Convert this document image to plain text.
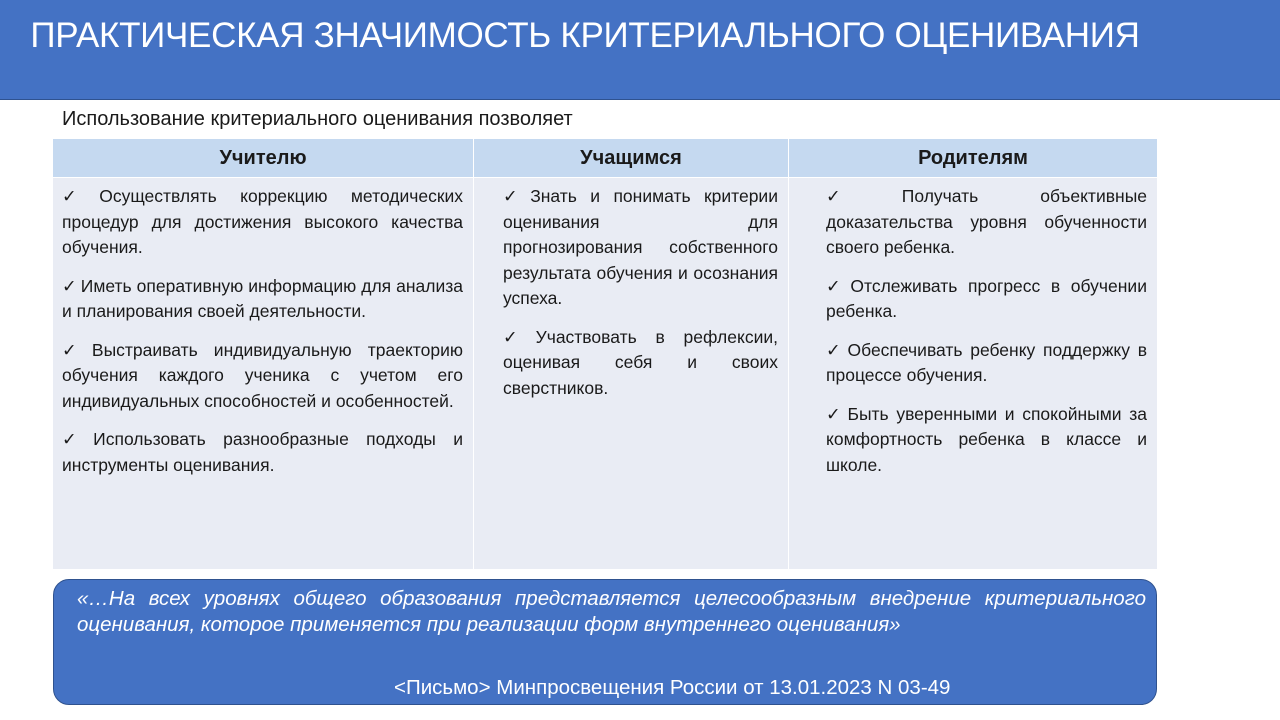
ПРАКТИЧЕСКАЯ ЗНАЧИМОСТЬ КРИТЕРИАЛЬНОГО ОЦЕНИВАНИЯ
Использование критериального оценивания позволяет
Учителю	Учащимся	Родителям

✓ Осуществлять коррекцию методических процедур для достижения высокого качества обучения.

✓ Иметь оперативную информацию для анализа и планирования своей деятельности.

✓ Выстраивать индивидуальную траекторию обучения каждого ученика с учетом его индивидуальных способностей и особенностей.

✓ Использовать разнообразные подходы и инструменты оценивания.

✓ Знать и понимать критерии оценивания для прогнозирования собственного результата обучения и осознания успеха.

✓ Участвовать в рефлексии, оценивая себя и своих сверстников.

✓ Получать объективные доказательства уровня обученности своего ребенка.

✓ Отслеживать прогресс в обучении ребенка.

✓ Обеспечивать ребенку поддержку в процессе обучения.

✓ Быть уверенными и спокойными за комфортность ребенка в классе и школе.

«…На всех уровнях общего образования представляется целесообразным внедрение критериального оценивания, которое применяется при реализации форм внутреннего оценивания»
<Письмо> Минпросвещения России от 13.01.2023 N 03-49
